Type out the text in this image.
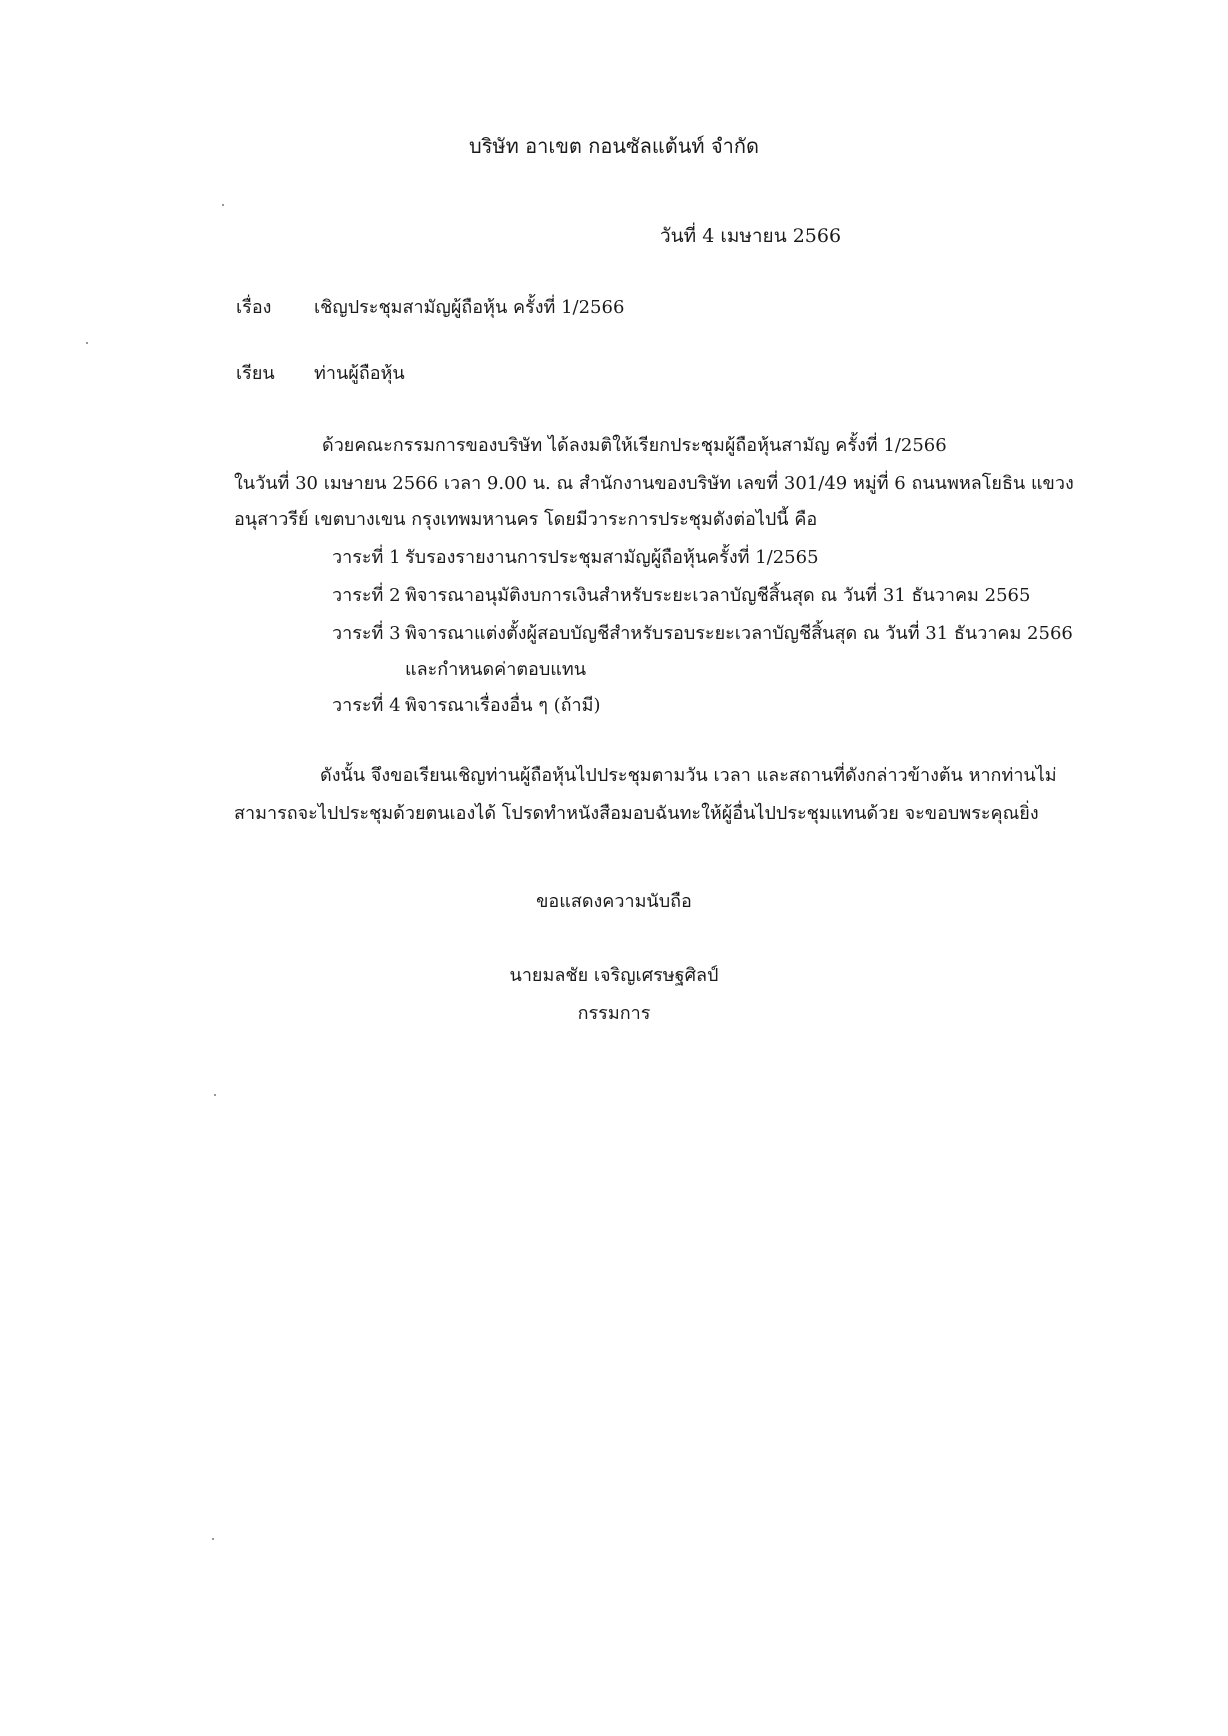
บริษัท อาเขต กอนซัลแต้นท์ จำกัด
วันที่ 4 เมษายน 2566
เรื่อง เชิญประชุมสามัญผู้ถือหุ้น ครั้งที่ 1/2566
เรียน ท่านผู้ถือหุ้น
ด้วยคณะกรรมการของบริษัท ได้ลงมติให้เรียกประชุมผู้ถือหุ้นสามัญ ครั้งที่ 1/2566
ในวันที่ 30 เมษายน 2566 เวลา 9.00 น. ณ สำนักงานของบริษัท เลขที่ 301/49 หมู่ที่ 6 ถนนพหลโยธิน แขวง
อนุสาวรีย์ เขตบางเขน กรุงเทพมหานคร โดยมีวาระการประชุมดังต่อไปนี้ คือ
วาระที่ 1 รับรองรายงานการประชุมสามัญผู้ถือหุ้นครั้งที่ 1/2565
วาระที่ 2 พิจารณาอนุมัติงบการเงินสำหรับระยะเวลาบัญชีสิ้นสุด ณ วันที่ 31 ธันวาคม 2565
วาระที่ 3 พิจารณาแต่งตั้งผู้สอบบัญชีสำหรับรอบระยะเวลาบัญชีสิ้นสุด ณ วันที่ 31 ธันวาคม 2566
และกำหนดค่าตอบแทน
วาระที่ 4 พิจารณาเรื่องอื่น ๆ (ถ้ามี)
ดังนั้น จึงขอเรียนเชิญท่านผู้ถือหุ้นไปประชุมตามวัน เวลา และสถานที่ดังกล่าวข้างต้น หากท่านไม่
สามารถจะไปประชุมด้วยตนเองได้ โปรดทำหนังสือมอบฉันทะให้ผู้อื่นไปประชุมแทนด้วย จะขอบพระคุณยิ่ง
ขอแสดงความนับถือ
นายมลชัย เจริญเศรษฐศิลป์
กรรมการ
